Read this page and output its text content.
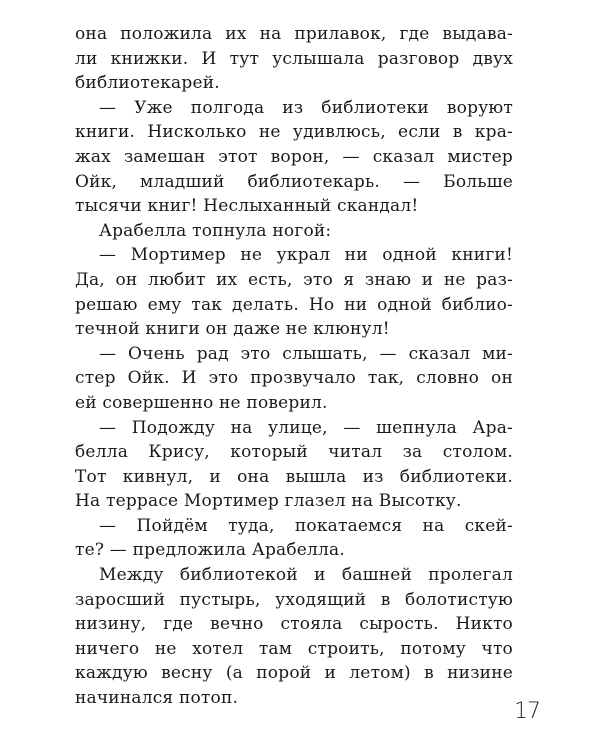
она положила их на прилавок, где выдава-
ли книжки. И тут услышала разговор двух
библиотекарей.
— Уже полгода из библиотеки воруют
книги. Нисколько не удивлюсь, если в кра-
жах замешан этот ворон, — сказал мистер
Ойк, младший библиотекарь. — Больше
тысячи книг! Неслыханный скандал!
Арабелла топнула ногой:
— Мортимер не украл ни одной книги!
Да, он любит их есть, это я знаю и не раз-
решаю ему так делать. Но ни одной библио-
течной книги он даже не клюнул!
— Очень рад это слышать, — сказал ми-
стер Ойк. И это прозвучало так, словно он
ей совершенно не поверил.
— Подожду на улице, — шепнула Ара-
белла Крису, который читал за столом.
Тот кивнул, и она вышла из библиотеки.
На террасе Мортимер глазел на Высотку.
— Пойдём туда, покатаемся на скей-
те? — предложила Арабелла.
Между библиотекой и башней пролегал
заросший пустырь, уходящий в болотистую
низину, где вечно стояла сырость. Никто
ничего не хотел там строить, потому что
каждую весну (а порой и летом) в низине
начинался потоп.
17
